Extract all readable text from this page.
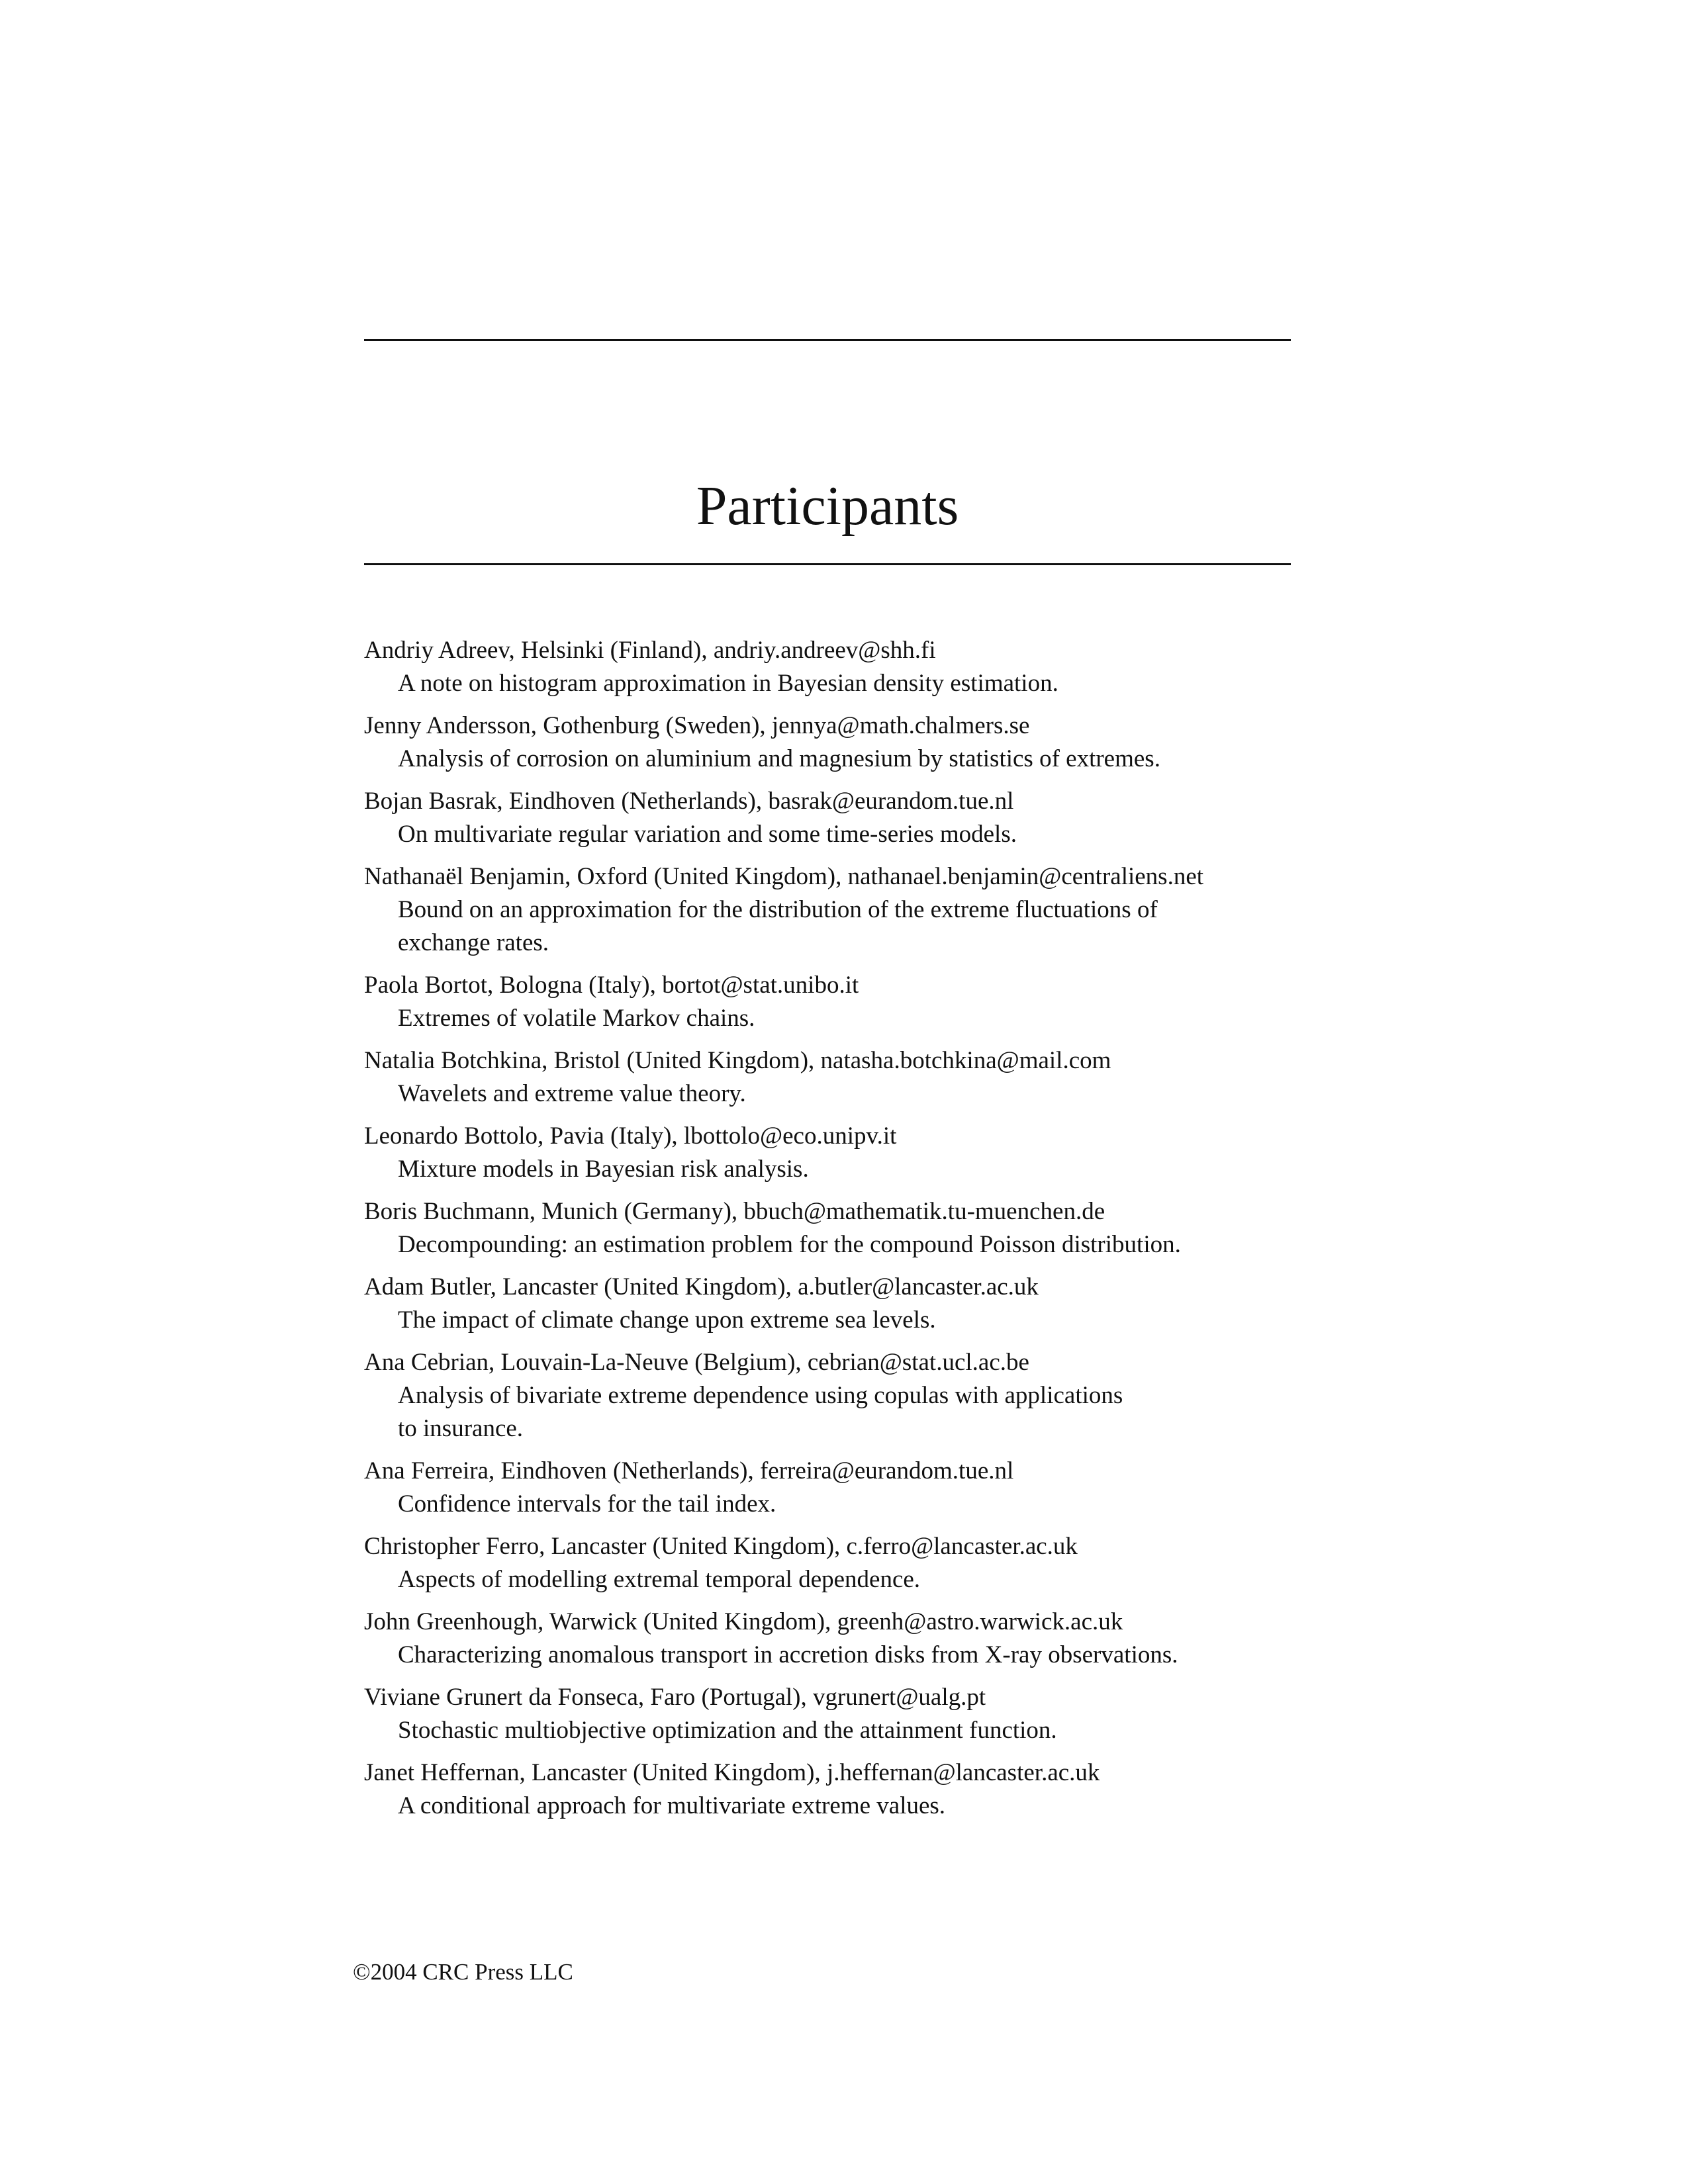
Participants
Andriy Adreev, Helsinki (Finland), andriy.andreev@shh.fi
A note on histogram approximation in Bayesian density estimation.
Jenny Andersson, Gothenburg (Sweden), jennya@math.chalmers.se
Analysis of corrosion on aluminium and magnesium by statistics of extremes.
Bojan Basrak, Eindhoven (Netherlands), basrak@eurandom.tue.nl
On multivariate regular variation and some time-series models.
Nathanaël Benjamin, Oxford (United Kingdom), nathanael.benjamin@centraliens.net
Bound on an approximation for the distribution of the extreme fluctuations of
exchange rates.
Paola Bortot, Bologna (Italy), bortot@stat.unibo.it
Extremes of volatile Markov chains.
Natalia Botchkina, Bristol (United Kingdom), natasha.botchkina@mail.com
Wavelets and extreme value theory.
Leonardo Bottolo, Pavia (Italy), lbottolo@eco.unipv.it
Mixture models in Bayesian risk analysis.
Boris Buchmann, Munich (Germany), bbuch@mathematik.tu-muenchen.de
Decompounding: an estimation problem for the compound Poisson distribution.
Adam Butler, Lancaster (United Kingdom), a.butler@lancaster.ac.uk
The impact of climate change upon extreme sea levels.
Ana Cebrian, Louvain-La-Neuve (Belgium), cebrian@stat.ucl.ac.be
Analysis of bivariate extreme dependence using copulas with applications
to insurance.
Ana Ferreira, Eindhoven (Netherlands), ferreira@eurandom.tue.nl
Confidence intervals for the tail index.
Christopher Ferro, Lancaster (United Kingdom), c.ferro@lancaster.ac.uk
Aspects of modelling extremal temporal dependence.
John Greenhough, Warwick (United Kingdom), greenh@astro.warwick.ac.uk
Characterizing anomalous transport in accretion disks from X-ray observations.
Viviane Grunert da Fonseca, Faro (Portugal), vgrunert@ualg.pt
Stochastic multiobjective optimization and the attainment function.
Janet Heffernan, Lancaster (United Kingdom), j.heffernan@lancaster.ac.uk
A conditional approach for multivariate extreme values.
©2004 CRC Press LLC
